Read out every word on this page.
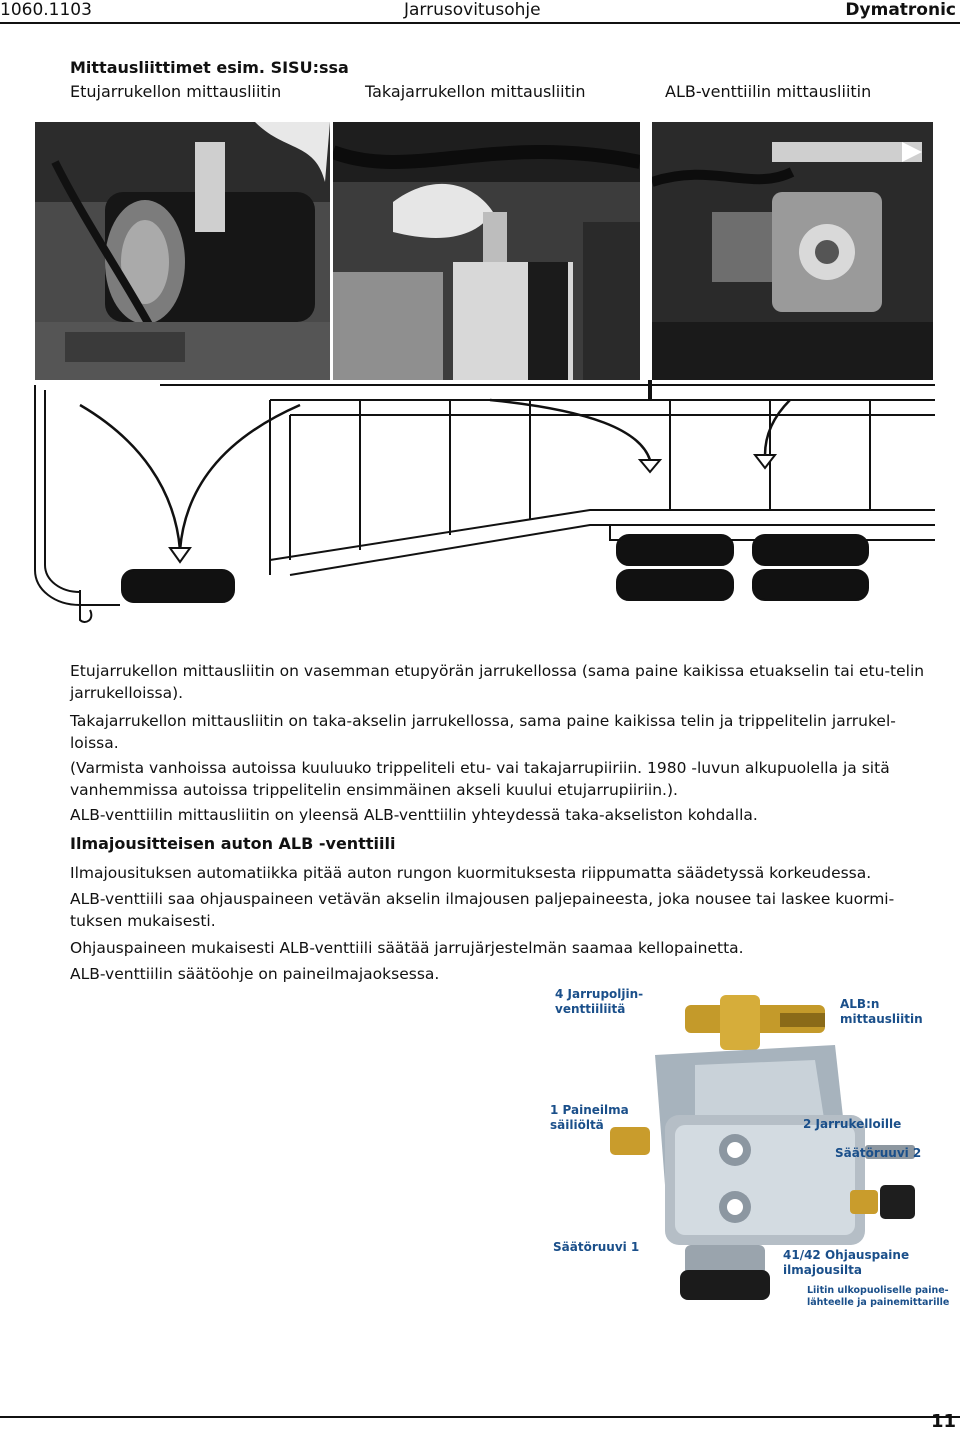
1060.1103	Jarrusovitusohje	Dymatronic
Mittausliittimet esim. SISU:ssa
Etujarrukellon mittausliitin	Takajarrukellon mittausliitin	ALB-venttiilin mittausliitin

Etujarrukellon mittausliitin on vasemman etupyörän jarrukellossa (sama paine kaikissa etuakselin tai etu-telin jarrukelloissa).

Takajarrukellon mittausliitin on taka-akselin jarrukellossa, sama paine kaikissa telin ja trippelitelin jarrukel-loissa.

(Varmista vanhoissa autoissa kuuluuko trippeliteli etu- vai takajarrupiiriin. 1980 -luvun alkupuolella ja sitä vanhemmissa autoissa trippelitelin ensimmäinen akseli kuului etujarrupiiriin.).

ALB-venttiilin mittausliitin on yleensä ALB-venttiilin yhteydessä taka-akseliston kohdalla.

Ilmajousitteisen auton ALB -venttiili

Ilmajousituksen automatiikka pitää auton rungon kuormituksesta riippumatta säädetyssä korkeudessa.

ALB-venttiili saa ohjauspaineen vetävän akselin ilmajousen paljepaineesta, joka nousee tai laskee kuormi-tuksen mukaisesti.

Ohjauspaineen mukaisesti ALB-venttiili säätää jarrujärjestelmän saamaa kellopainetta.

ALB-venttiilin säätöohje on paineilmajaoksessa.

4 Jarrupoljin-
venttiiliitä	ALB:n
mittausliitin
1 Paineilma
säiliöltä	2 Jarrukelloille
Säätöruuvi 2
Säätöruuvi 1
41/42 Ohjauspaine
ilmajousilta
Liitin ulkopuoliselle paine-
lähteelle ja painemittarille
11
